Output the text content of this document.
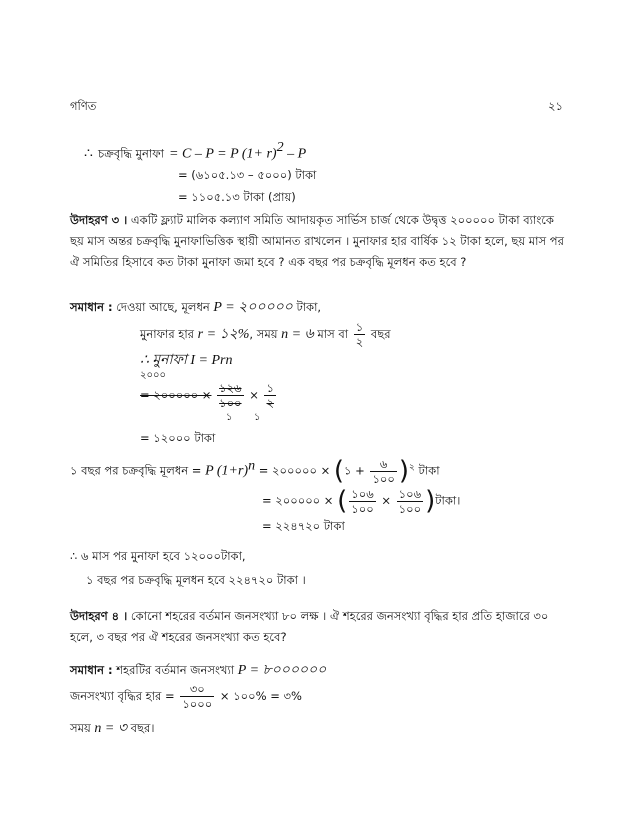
গণিত	২১
∴ চক্রবৃদ্ধি মুনাফা = C – P = P $(1+ r)^2 - P$
= (৬১০৫.১৩ – ৫০০০) টাকা
= ১১০৫.১৩ টাকা (প্রায়)
উদাহরণ ৩ । একটি ফ্ল্যাট মালিক কল্যাণ সমিতি আদায়কৃত সার্ভিস চার্জ থেকে উদ্বৃত্ত ২০০০০০ টাকা ব্যাংকে ছয় মাস অন্তর চক্রবৃদ্ধি মুনাফাভিত্তিক স্থায়ী আমানত রাখলেন । মুনাফার হার বার্ষিক ১২ টাকা হলে, ছয় মাস পর ঐ সমিতির হিসাবে কত টাকা মুনাফা জমা হবে ? এক বছর পর চক্রবৃদ্ধি মূলধন কত হবে ?
সমাধান : দেওয়া আছে, মূলধন P = ২০০০০০ টাকা,
মুনাফার হার r = ১২%, সময় n = ৬ মাস বা $\frac{১}{২}$ বছর
∴ মুনাফা I = Prn
২০০০
= ২০০০০০ × $\frac{১২৬}{১০০} \times \frac{১}{২}$
১ ১
= ১২০০০ টাকা
১ বছর পর চক্রবৃদ্ধি মূলধন = P $(1+r)^n$ = ২০০০০০ × (১ + $\frac{৬}{১০০} )^২$ টাকা
= ২০০০০০ × ( $\frac{১০৬}{১০০} \times \frac{১০৬}{১০০}$ )টাকা।
= ২২৪৭২০ টাকা
∴ ৬ মাস পর মুনাফা হবে ১২০০০টাকা,
১ বছর পর চক্রবৃদ্ধি মূলধন হবে ২২৪৭২০ টাকা ।
উদাহরণ ৪ । কোনো শহরের বর্তমান জনসংখ্যা ৮০ লক্ষ । ঐ শহরের জনসংখ্যা বৃদ্ধির হার প্রতি হাজারে ৩০ হলে, ৩ বছর পর ঐ শহরের জনসংখ্যা কত হবে?
সমাধান : শহরটির বর্তমান জনসংখ্যা P = ৮০০০০০০
জনসংখ্যা বৃদ্ধির হার = $\frac{৩০}{১০০০}$ × ১০০% = ৩%
সময় n = ৩ বছর।
